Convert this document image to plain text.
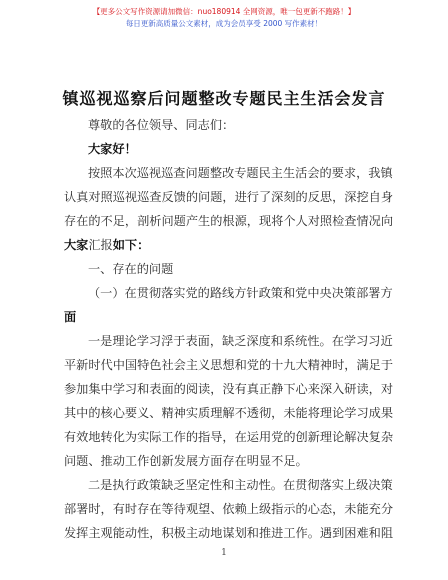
【更多公文写作资源请加微信：nuo180914 全网资源，唯一包更新不跑路！】
每日更新高质量公文素材，成为会员享受 2000 写作素材！
镇巡视巡察后问题整改专题民主生活会发言
尊敬的各位领导、同志们：
大家好！
按照本次巡视巡查问题整改专题民主生活会的要求，我镇
认真对照巡视巡查反馈的问题，进行了深刻的反思，深挖自身
存在的不足，剖析问题产生的根源，现将个人对照检查情况向
大家汇报如下：
一、存在的问题
（一）在贯彻落实党的路线方针政策和党中央决策部署方
面
一是理论学习浮于表面，缺乏深度和系统性。在学习习近
平新时代中国特色社会主义思想和党的十九大精神时，满足于
参加集中学习和表面的阅读，没有真正静下心来深入研读，对
其中的核心要义、精神实质理解不透彻，未能将理论学习成果
有效地转化为实际工作的指导，在运用党的创新理论解决复杂
问题、推动工作创新发展方面存在明显不足。
二是执行政策缺乏坚定性和主动性。在贯彻落实上级决策
部署时，有时存在等待观望、依赖上级指示的心态，未能充分
发挥主观能动性，积极主动地谋划和推进工作。遇到困难和阻
1
